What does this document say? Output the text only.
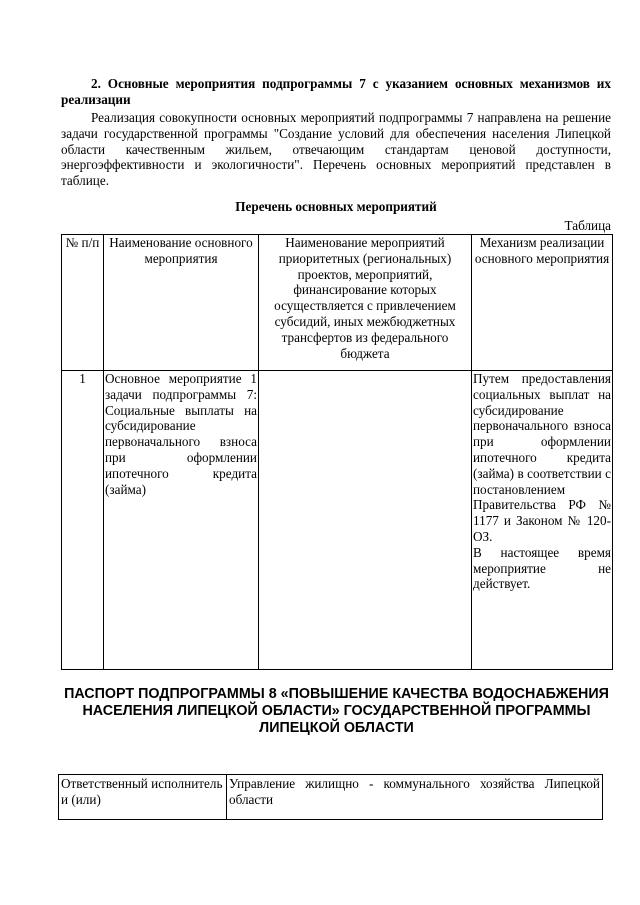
2. Основные мероприятия подпрограммы 7 с указанием основных механизмов их реализации
Реализация совокупности основных мероприятий подпрограммы 7 направлена на решение задачи государственной программы "Создание условий для обеспечения населения Липецкой области качественным жильем, отвечающим стандартам ценовой доступности, энергоэффективности и экологичности". Перечень основных мероприятий представлен в таблице.
Перечень основных мероприятий
Таблица
№ п/п	Наименование основного мероприятия	Наименование мероприятий приоритетных (региональных) проектов, мероприятий, финансирование которых осуществляется с привлечением субсидий, иных межбюджетных трансфертов из федерального бюджета	Механизм реализации основного мероприятия
1	Основное мероприятие 1 задачи подпрограммы 7: Социальные выплаты на субсидирование первоначального взноса при оформлении ипотечного кредита (займа)		Путем предоставления социальных выплат на субсидирование первоначального взноса при оформлении ипотечного кредита (займа) в соответствии с постановлением Правительства РФ № 1177 и Законом № 120-ОЗ.
В настоящее время мероприятие не действует.
ПАСПОРТ ПОДПРОГРАММЫ 8 «ПОВЫШЕНИЕ КАЧЕСТВА ВОДОСНАБЖЕНИЯ НАСЕЛЕНИЯ ЛИПЕЦКОЙ ОБЛАСТИ» ГОСУДАРСТВЕННОЙ ПРОГРАММЫ ЛИПЕЦКОЙ ОБЛАСТИ
Ответственный исполнитель и (или)	Управление жилищно - коммунального хозяйства Липецкой области
